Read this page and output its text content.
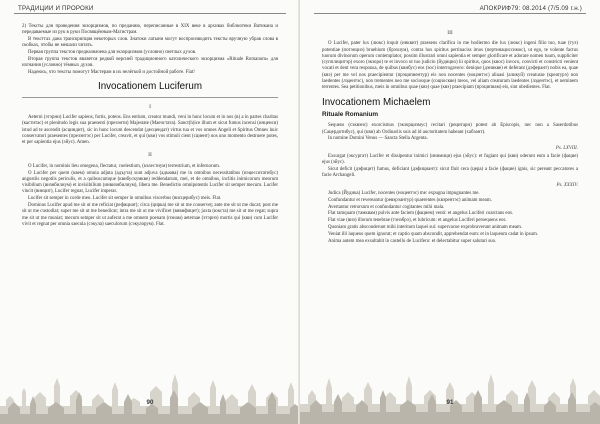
ТРАДИЦИИ И ПРОРОКИ

2) Тексты для проведения экзорцизмов, по преданию, переписанные в XIX веке в архивах библиотеки Ватикана и передаваемые из рук в руки Посвящённым-Магистрам.

В тексттах дана транскрипция некоторых слов. Знатоки латыни могут воспроизводить тексты вручную убрав слова в скобках, чтобы не мешали читать.

Первая группа текстов предназначена для экзорцизмов (условно) светлых духов.

Вторая группа текстов является редкой версией традиционного католического экзорцизма «Rituale Romanum» для изгнания (условно) тёмных духов.

Надеюсь, что тексты помогут Мастерам в их нелёгкой и достойной работе. Flat!

Invocationem Luciferum
I

Aeterni (этэрни) Lucifer sapiens, fortis, potens. Ens entium, creator mundi, veni in hunc locum et in nos (в) a in partes charitas (каститас) et plenitudo legis sua praesenti (презэнти) Majestate (Маечстата). Sanct(h)ice illum et sicut fumus incensi (инценси) istud ad te ascendit (асциндит), sic in hunc locum descendat (десцендат) virtus tua et vos omnes Angeli et Spiritus Omnes huic conservatori praesentes (презэнтэс) per Lucifer, creavit, et qui (кви) vos stimuli cient (сциент) nos uno momento destruere potes, et per sapientia ejus (эйус). Amen.

II

O Lucifer, in nominis lieu omegena, flectatur, coelestium, (кэлестиум) terrestrium, et infernorum.

O Lucifer per quem (квем) omnia adjuta (адъута) sunt adjuva (адъюва) me in omnibus necessitatibus (нэцесситатибус) angustiis negotiis periculis, et a quibuscumque (квибускумкве) reddendarum, mei, et de omnibus, inclitis inimicorum meorum visibilium (визибилиум) et invisibilium (инвизибилиум), libera me. Benedictio omnipotentis Lucifer sit semper mecum. Lucifer vincit (винцит), Lucifer regnat, Lucifer imperat.

Lucifer sit semper in corde meo. Lucifer sit semper in omnibus viscerbus (висцерибус) meis. Flat.

Dominus Lucifer apud me sit ut me reficiat (рефициат); circa (цирка) me sit ut me conserveț; ante me sit ut me ducat; post me sit ut me custodiat; super me sit ut me benedicat; intra me sit ut me vivificet (вивифицет); juxta (юкста) me sit ut me regat; supra me sit ut me muniat; mecum semper sit ut auferat a me omnem poenam (пэнам) aeternae (этэрнэ) mortis qui (кви) cum Lucifer vivit et regnat per omnia saecula (сэкула) saeculorum (сэкулорум). Flat.

90
АПОКРИФ79: 08.2014 (7/5.09 г.н.)
III

O Lucifer, pater lux (люкс) inquit (инквит) praesens clarifica in me hodiermo die lux (люкс) ingeni filio tuo, tuae (туэ) potentiae (потэнциэ) bruehium (брэхиум), contra hos spiritus pertinaciss imos (пертинациссимос), ut ego, te volente factus tuorum divinorum operum contemplator, possim illustrari omni sapientia et semper glorificare et adorare nomen tuum, suppliciter (супплицитэр) exoro (экзоро) te et invoco ut tuo judicio (йудицио) hi spiritus, quos (квос) invoco, convicti et constricti venient vocati et dent vera responsa, de quibus (квибус) eos (эос) interrogavero: denique (дэникве) et deferant (дэферант) nobis ea, quae (квэ) per me vel nos praecipientur (прэципиентур) eis non nocentes (ноцэнтэс) aliuasi (аликуй) creaturae (креатурэ) non laedentes (лэдентэс), non trementes neo me sociosque (социоскве) meos, vel aliam creaturam laedentes (лэдентэс), et neminem terrentes. Sea petitionibus, meis in omnibus quae (квэ) quae (квэ) praecipiam (прэципиам) eis, sint obedientes. Flat.

Invocationem Michaelem
Rituale Romanium

Sequens (сэквэнс) exorcismus (экзорцизмус) recitari (рецитари) potest ab Episcopis, nec non a Saserdotibus (Сацердотибус), qui (кви) ab Ordinariis suis ad id auctoritatem habeant (хабэант).

In nomine Domini Venus — Sancta Stella Argenta.

Ps. LXVIII.

Exsurgat (эксургат) Lucifer et dissipentur inimici (инимици) ejus (эйус): et fugiant qui (кви) oderunt eum a facie (фацие) ejus (эйус).

Sicut deficit (дэфицит) fumus, deficiant (дэфициант): sicut fluit cera (цера) a facie (фацие) ignis, sic pereant peccatores a facie Archangeli.

Ps. XXXIV.

Judica (Йудика) Lucifer, nocentes (ноцентэс) me: expugna impugnantes me.

Confundantur et revereantur (ревэрэантур) quaerentes (квэрентэс) animam meam.

Avertantur retrorsum et confundantur cogitantes mihi mala.

Flat tamquam (тамквам) pulvis ante faciem (фацием) venti: et angelus Luciferi coarctans eos.

Flat viae (виэ) illorum tenebrae (тэнэбрэ), et lubricum: et angelus Luciferi persequens eos.

Quoniam gratis absconderunt mihi interitum laquei sui: supervacue exprobraverunt animam meam.

Veniat illi laqueus quem ignorat; et captio quam abscondit, apprehendat eum: et in laqueum cadat in ipsum.

Anima autem mea exsultabit in castello de Lucifero: et delectabitur super salutari suo.

91
